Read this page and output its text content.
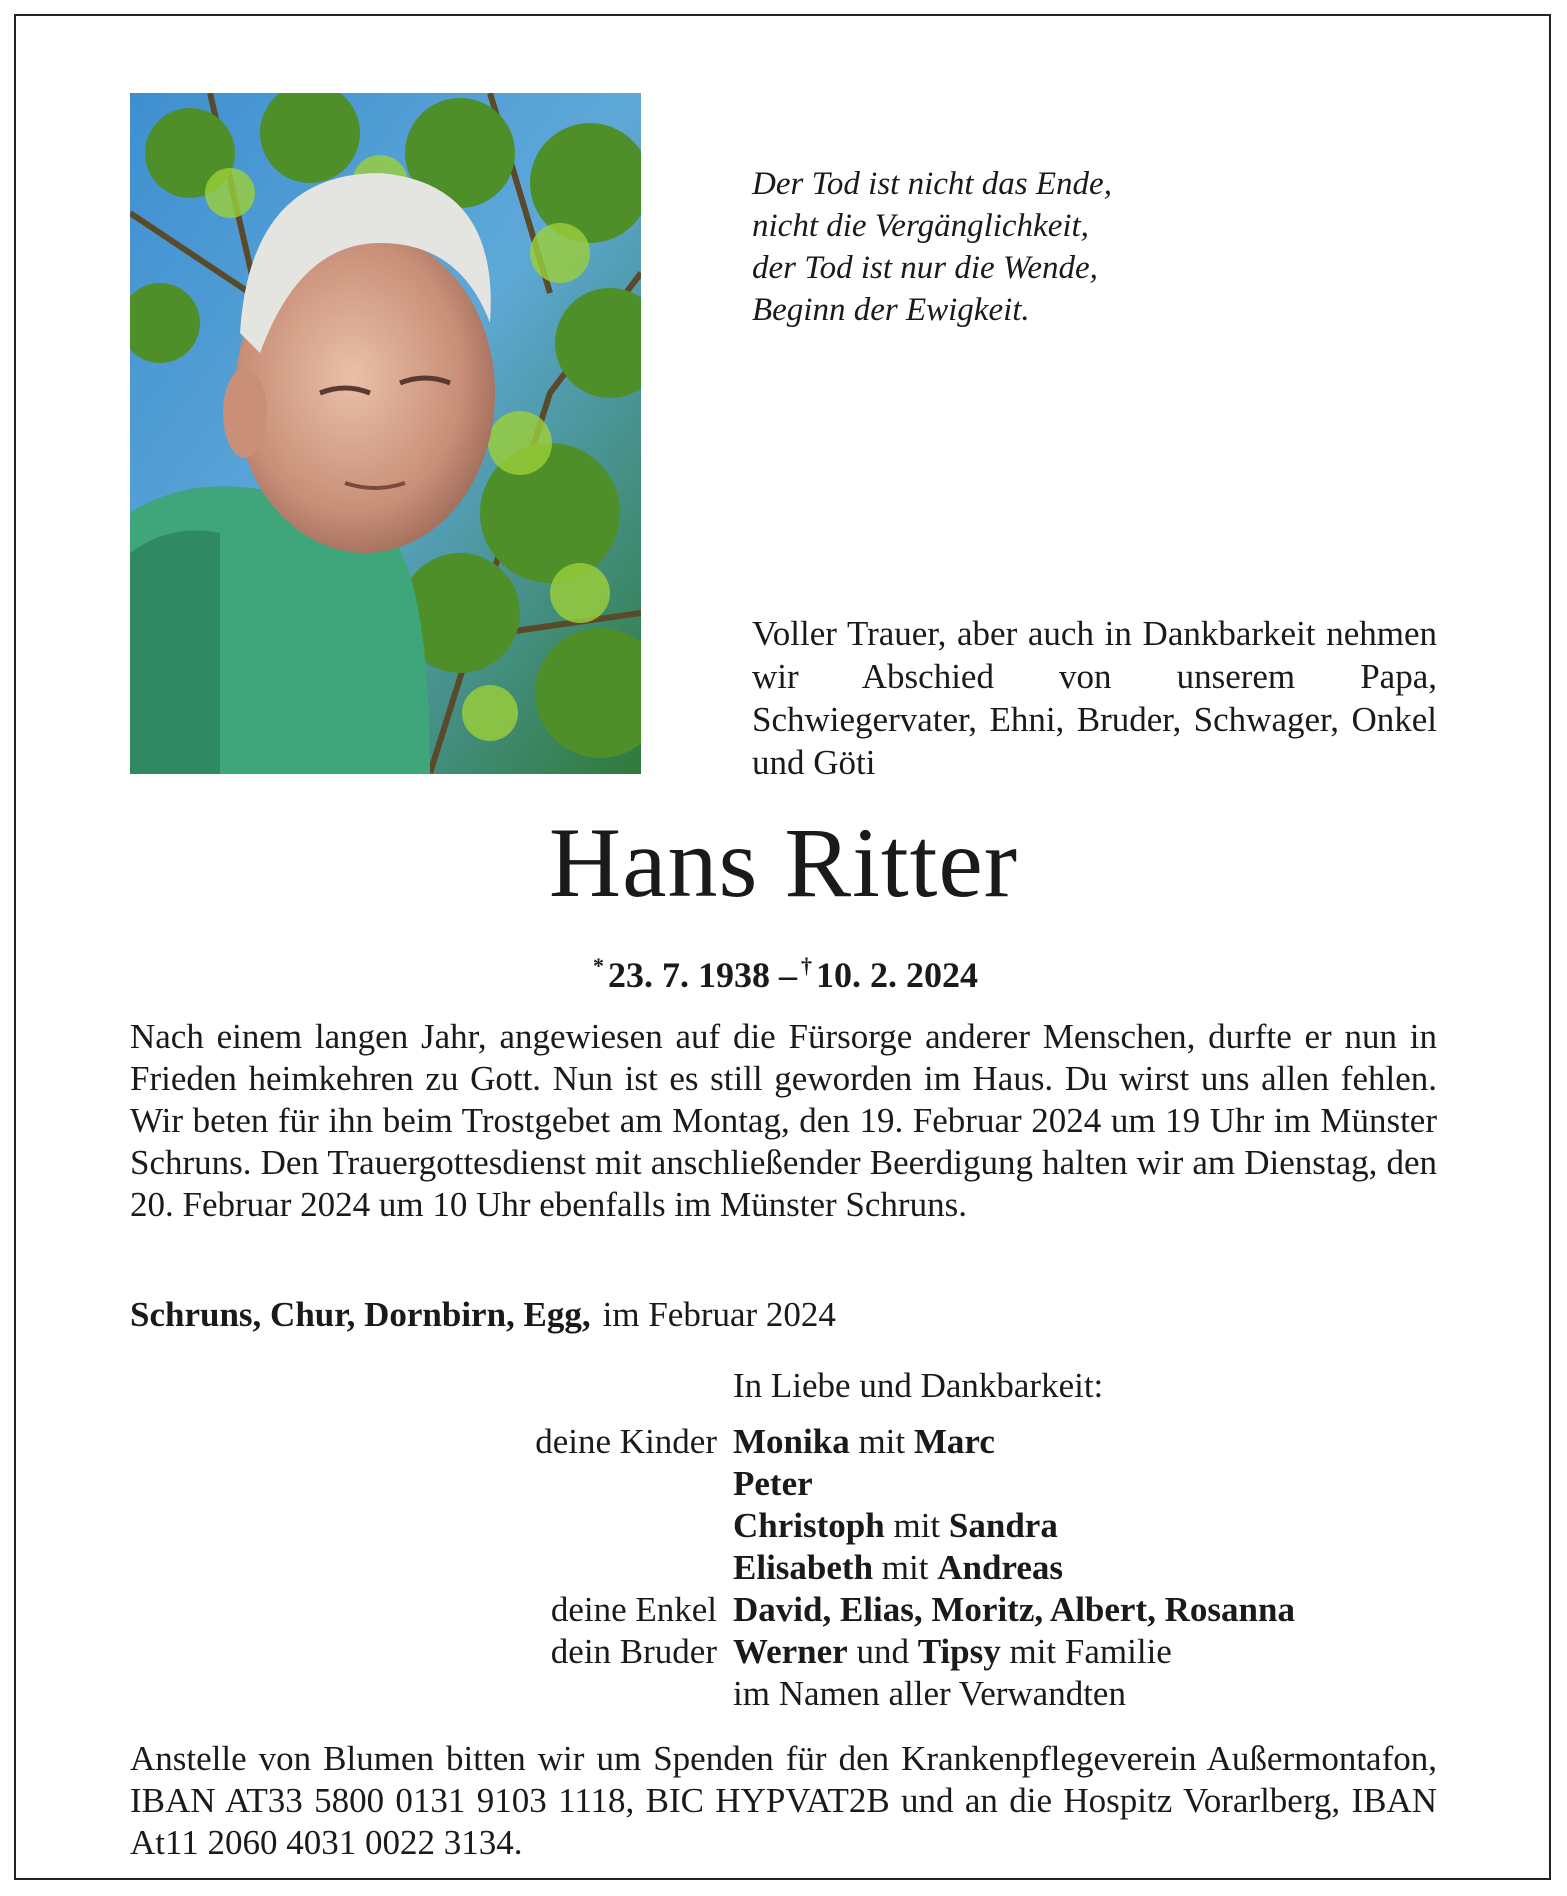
Der Tod ist nicht das Ende,
nicht die Vergänglichkeit,
der Tod ist nur die Wende,
Beginn der Ewigkeit.
Voller Trauer, aber auch in Dankbarkeit nehmen wir Abschied von unserem Papa, Schwiegervater, Ehni, Bruder, Schwager, Onkel und Göti
Hans Ritter
* 23. 7. 1938 – † 10. 2. 2024
Nach einem langen Jahr, angewiesen auf die Fürsorge anderer Menschen, durfte er nun in Frieden heimkehren zu Gott. Nun ist es still geworden im Haus. Du wirst uns allen fehlen. Wir beten für ihn beim Trostgebet am Montag, den 19. Februar 2024 um 19 Uhr im Münster Schruns. Den Trauergottesdienst mit anschließender Beerdigung halten wir am Dienstag, den 20. Februar 2024 um 10 Uhr ebenfalls im Münster Schruns.
Schruns, Chur, Dornbirn, Egg, im Februar 2024
In Liebe und Dankbarkeit:
deine Kinder Monika mit Marc
Peter
Christoph mit Sandra
Elisabeth mit Andreas
deine Enkel David, Elias, Moritz, Albert, Rosanna
dein Bruder Werner und Tipsy mit Familie
im Namen aller Verwandten
Anstelle von Blumen bitten wir um Spenden für den Krankenpflegeverein Außermontafon, IBAN AT33 5800 0131 9103 1118, BIC HYPVAT2B und an die Hospitz Vorarlberg, IBAN At11 2060 4031 0022 3134.
